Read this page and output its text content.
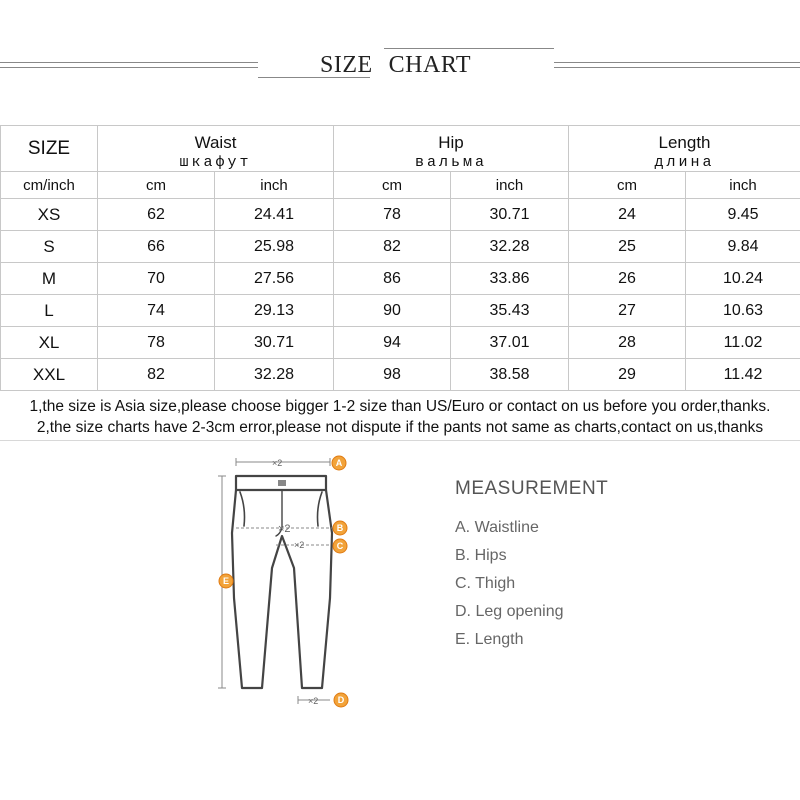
SIZE CHART
SIZE	Waist		Hip		Length	
	шкафут		вальма		длина	
cm/inch	cm	inch	cm	inch	cm	inch
XS	62	24.41	78	30.71	24	9.45
S	66	25.98	82	32.28	25	9.84
M	70	27.56	86	33.86	26	10.24
L	74	29.13	90	35.43	27	10.63
XL	78	30.71	94	37.01	28	11.02
XXL	82	32.28	98	38.58	29	11.42
1,the size is Asia size,please choose bigger 1-2 size than US/Euro or contact on us before you order,thanks.
2,the size charts have 2-3cm error,please not dispute if the pants not same as charts,contact on us,thanks
×2
×2
×2
×2
A
B
C
E
D
MEASUREMENT
A. Waistline
B. Hips
C. Thigh
D. Leg opening
E. Length
